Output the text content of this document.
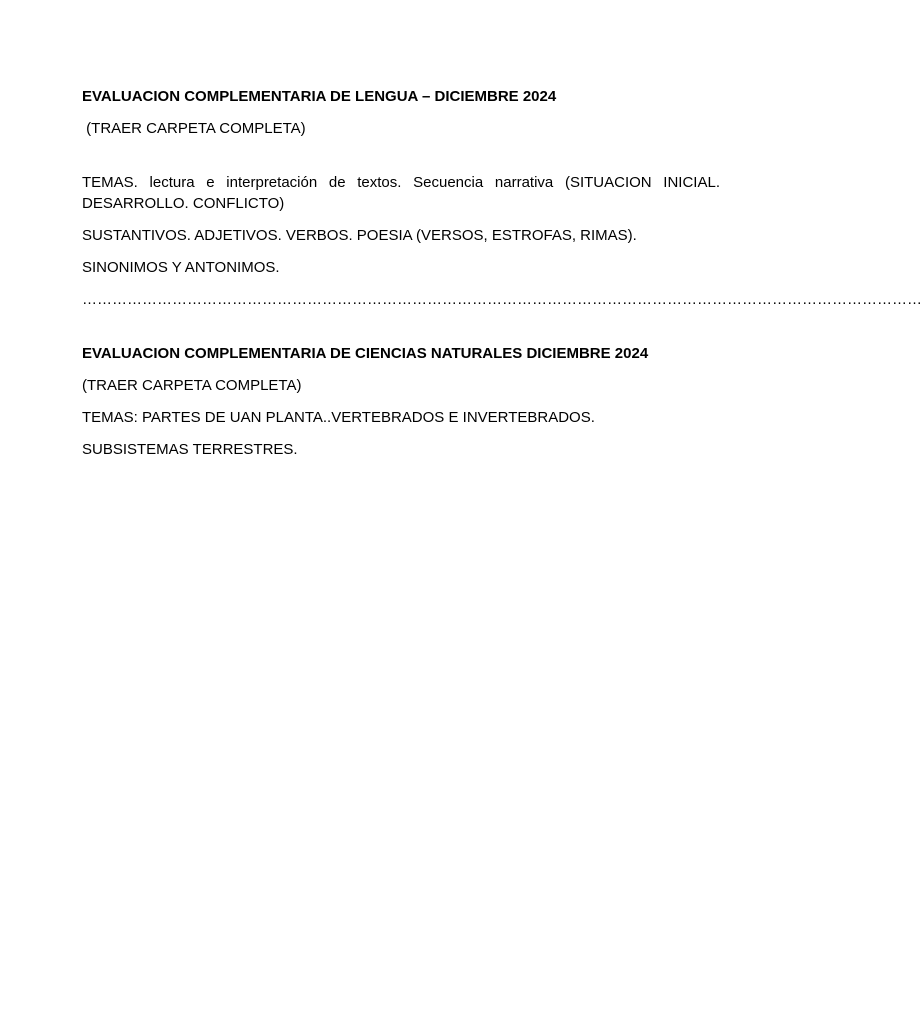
EVALUACION COMPLEMENTARIA DE LENGUA – DICIEMBRE 2024

(TRAER CARPETA COMPLETA)

TEMAS. lectura e interpretación de textos. Secuencia narrativa (SITUACION INICIAL. DESARROLLO. CONFLICTO)

SUSTANTIVOS. ADJETIVOS. VERBOS. POESIA (VERSOS, ESTROFAS, RIMAS).

SINONIMOS Y ANTONIMOS.

……………………………………………………………………………………………………………………………………………………

EVALUACION COMPLEMENTARIA DE CIENCIAS NATURALES DICIEMBRE 2024

(TRAER CARPETA COMPLETA)

TEMAS: PARTES DE UAN PLANTA..VERTEBRADOS E INVERTEBRADOS.

SUBSISTEMAS TERRESTRES.
